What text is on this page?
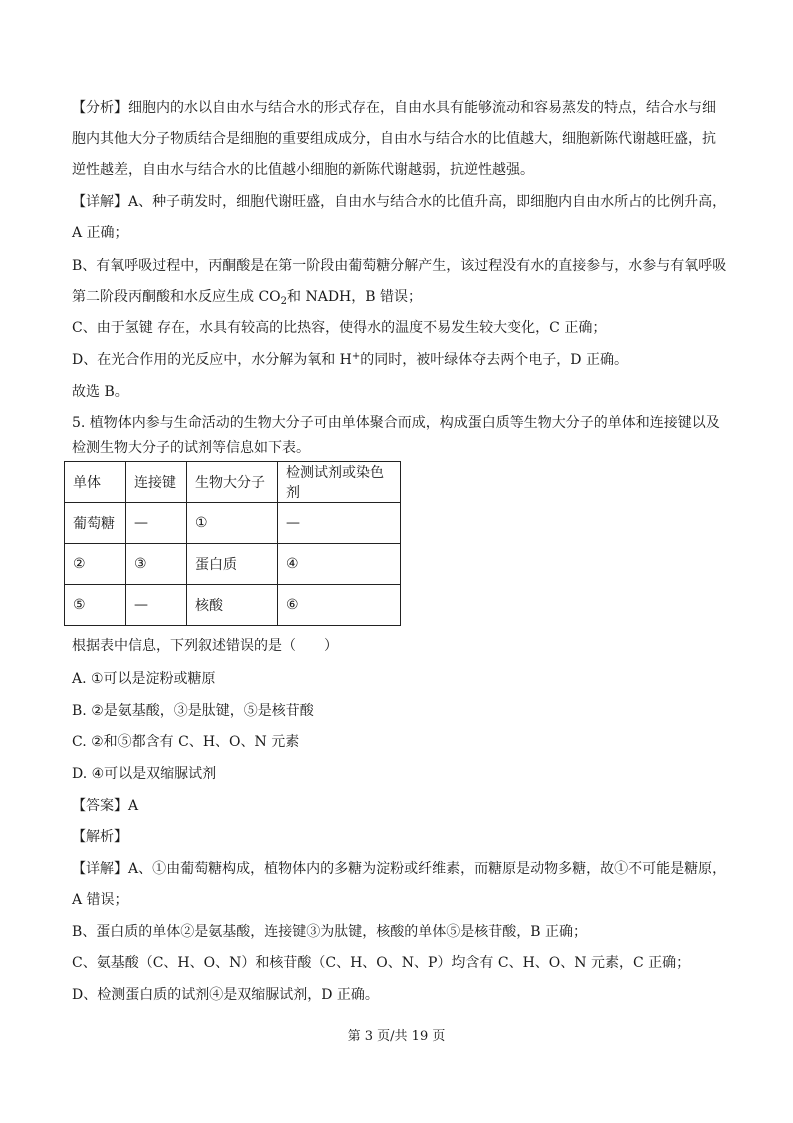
【分析】细胞内的水以自由水与结合水的形式存在，自由水具有能够流动和容易蒸发的特点，结合水与细
胞内其他大分子物质结合是细胞的重要组成成分，自由水与结合水的比值越大，细胞新陈代谢越旺盛，抗
逆性越差，自由水与结合水的比值越小细胞的新陈代谢越弱，抗逆性越强。
【详解】A、种子萌发时，细胞代谢旺盛，自由水与结合水的比值升高，即细胞内自由水所占的比例升高，
A 正确；
B、有氧呼吸过程中，丙酮酸是在第一阶段由葡萄糖分解产生，该过程没有水的直接参与，水参与有氧呼吸
第二阶段丙酮酸和水反应生成 $CO_2$和 NADH，B 错误；
C、由于氢键 存在，水具有较高的比热容，使得水的温度不易发生较大变化，C 正确；
D、在光合作用的光反应中，水分解为氧和 H+的同时，被叶绿体夺去两个电子，D 正确。
故选 B。
5. 植物体内参与生命活动的生物大分子可由单体聚合而成，构成蛋白质等生物大分子的单体和连接键以及
检测生物大分子的试剂等信息如下表。
单体	连接键	生物大分子	检测试剂或染色剂
葡萄糖	—	①	—
②	③	蛋白质	④
⑤	—	核酸	⑥
根据表中信息，下列叙述错误的是（　　）
A. ①可以是淀粉或糖原
B. ②是氨基酸，③是肽键，⑤是核苷酸
C. ②和⑤都含有 C、H、O、N 元素
D. ④可以是双缩脲试剂
【答案】A
【解析】
【详解】A、①由葡萄糖构成，植物体内的多糖为淀粉或纤维素，而糖原是动物多糖，故①不可能是糖原，
A 错误；
B、蛋白质的单体②是氨基酸，连接键③为肽键，核酸的单体⑤是核苷酸，B 正确；
C、氨基酸（C、H、O、N）和核苷酸（C、H、O、N、P）均含有 C、H、O、N 元素，C 正确；
D、检测蛋白质的试剂④是双缩脲试剂，D 正确。
第 3 页/共 19 页
